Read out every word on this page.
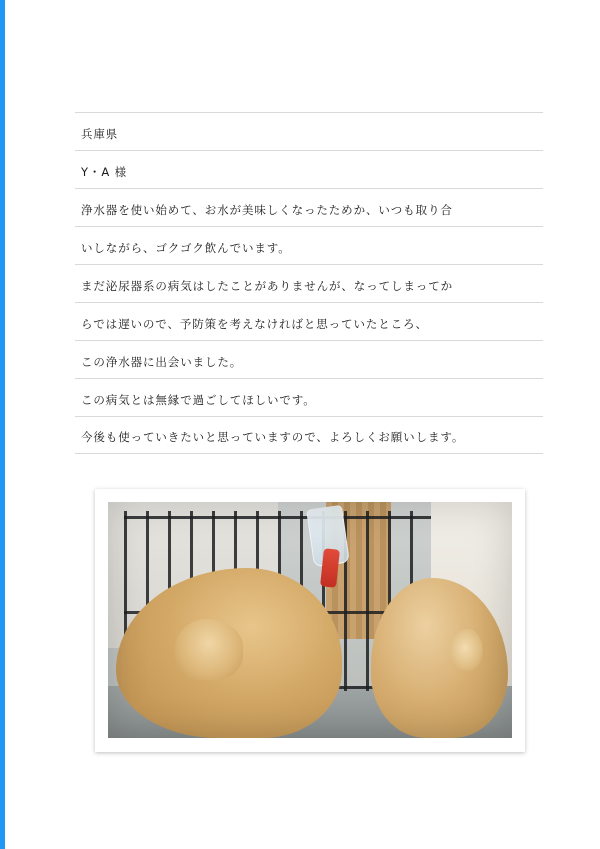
兵庫県
Y・A 様
浄水器を使い始めて、お水が美味しくなったためか、いつも取り合
いしながら、ゴクゴク飲んでいます。
まだ泌尿器系の病気はしたことがありませんが、なってしまってか
らでは遅いので、予防策を考えなければと思っていたところ、
この浄水器に出会いました。
この病気とは無縁で過ごしてほしいです。
今後も使っていきたいと思っていますので、よろしくお願いします。
